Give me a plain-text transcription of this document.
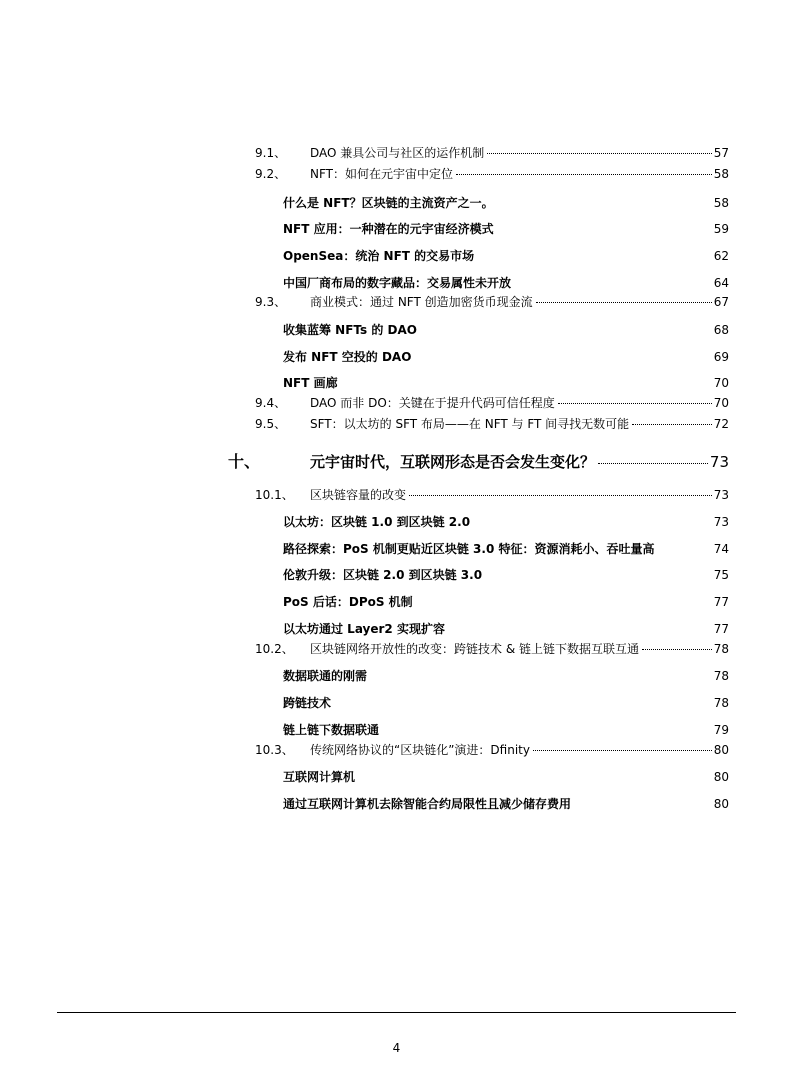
9.1、	DAO 兼具公司与社区的运作机制	57
9.2、	NFT：如何在元宇宙中定位	58
什么是 NFT？区块链的主流资产之一。	58
NFT 应用：一种潜在的元宇宙经济模式	59
OpenSea：统治 NFT 的交易市场	62
中国厂商布局的数字藏品：交易属性未开放	64
9.3、	商业模式：通过 NFT 创造加密货币现金流	67
收集蓝筹 NFTs 的 DAO	68
发布 NFT 空投的 DAO	69
NFT 画廊	70
9.4、	DAO 而非 DO：关键在于提升代码可信任程度	70
9.5、	SFT：以太坊的 SFT 布局——在 NFT 与 FT 间寻找无数可能	72
十、	元宇宙时代，互联网形态是否会发生变化？	73
10.1、	区块链容量的改变	73
以太坊：区块链 1.0 到区块链 2.0	73
路径探索：PoS 机制更贴近区块链 3.0 特征：资源消耗小、吞吐量高	74
伦敦升级：区块链 2.0 到区块链 3.0	75
PoS 后话：DPoS 机制	77
以太坊通过 Layer2 实现扩容	77
10.2、	区块链网络开放性的改变：跨链技术 & 链上链下数据互联互通	78
数据联通的刚需	78
跨链技术	78
链上链下数据联通	79
10.3、	传统网络协议的“区块链化”演进：Dfinity	80
互联网计算机	80
通过互联网计算机去除智能合约局限性且减少储存费用	80
4
